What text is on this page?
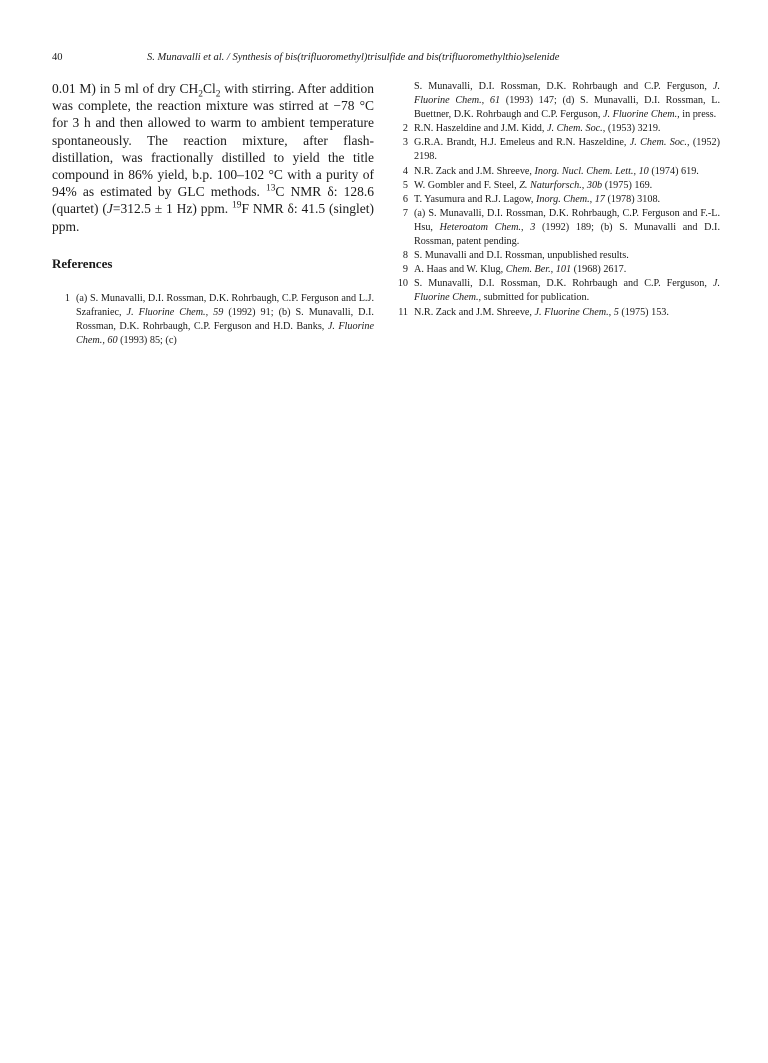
40	S. Munavalli et al. / Synthesis of bis(trifluoromethyl)trisulfide and bis(trifluoromethylthio)selenide

0.01 M) in 5 ml of dry $CH_2Cl_2$ with stirring. After addition was complete, the reaction mixture was stirred at −78 °C for 3 h and then allowed to warm to ambient temperature spontaneously. The reaction mixture, after flash-distillation, was fractionally distilled to yield the title compound in 86% yield, b.p. 100–102 °C with a purity of 94% as estimated by GLC methods. $^{13}$C NMR δ: 128.6 (quartet) (J=312.5 ± 1 Hz) ppm. $^{19}$F NMR δ: 41.5 (singlet) ppm.

References
1 (a) S. Munavalli, D.I. Rossman, D.K. Rohrbaugh, C.P. Ferguson and L.J. Szafraniec, J. Fluorine Chem., 59 (1992) 91; (b) S. Munavalli, D.I. Rossman, D.K. Rohrbaugh, C.P. Ferguson and H.D. Banks, J. Fluorine Chem., 60 (1993) 85; (c)
S. Munavalli, D.I. Rossman, D.K. Rohrbaugh and C.P. Ferguson, J. Fluorine Chem., 61 (1993) 147; (d) S. Munavalli, D.I. Rossman, L. Buettner, D.K. Rohrbaugh and C.P. Ferguson, J. Fluorine Chem., in press.
2 R.N. Haszeldine and J.M. Kidd, J. Chem. Soc., (1953) 3219.
3 G.R.A. Brandt, H.J. Emeleus and R.N. Haszeldine, J. Chem. Soc., (1952) 2198.
4 N.R. Zack and J.M. Shreeve, Inorg. Nucl. Chem. Lett., 10 (1974) 619.
5 W. Gombler and F. Steel, Z. Naturforsch., 30b (1975) 169.
6 T. Yasumura and R.J. Lagow, Inorg. Chem., 17 (1978) 3108.
7 (a) S. Munavalli, D.I. Rossman, D.K. Rohrbaugh, C.P. Ferguson and F.-L. Hsu, Heteroatom Chem., 3 (1992) 189; (b) S. Munavalli and D.I. Rossman, patent pending.
8 S. Munavalli and D.I. Rossman, unpublished results.
9 A. Haas and W. Klug, Chem. Ber., 101 (1968) 2617.
10 S. Munavalli, D.I. Rossman, D.K. Rohrbaugh and C.P. Ferguson, J. Fluorine Chem., submitted for publication.
11 N.R. Zack and J.M. Shreeve, J. Fluorine Chem., 5 (1975) 153.
